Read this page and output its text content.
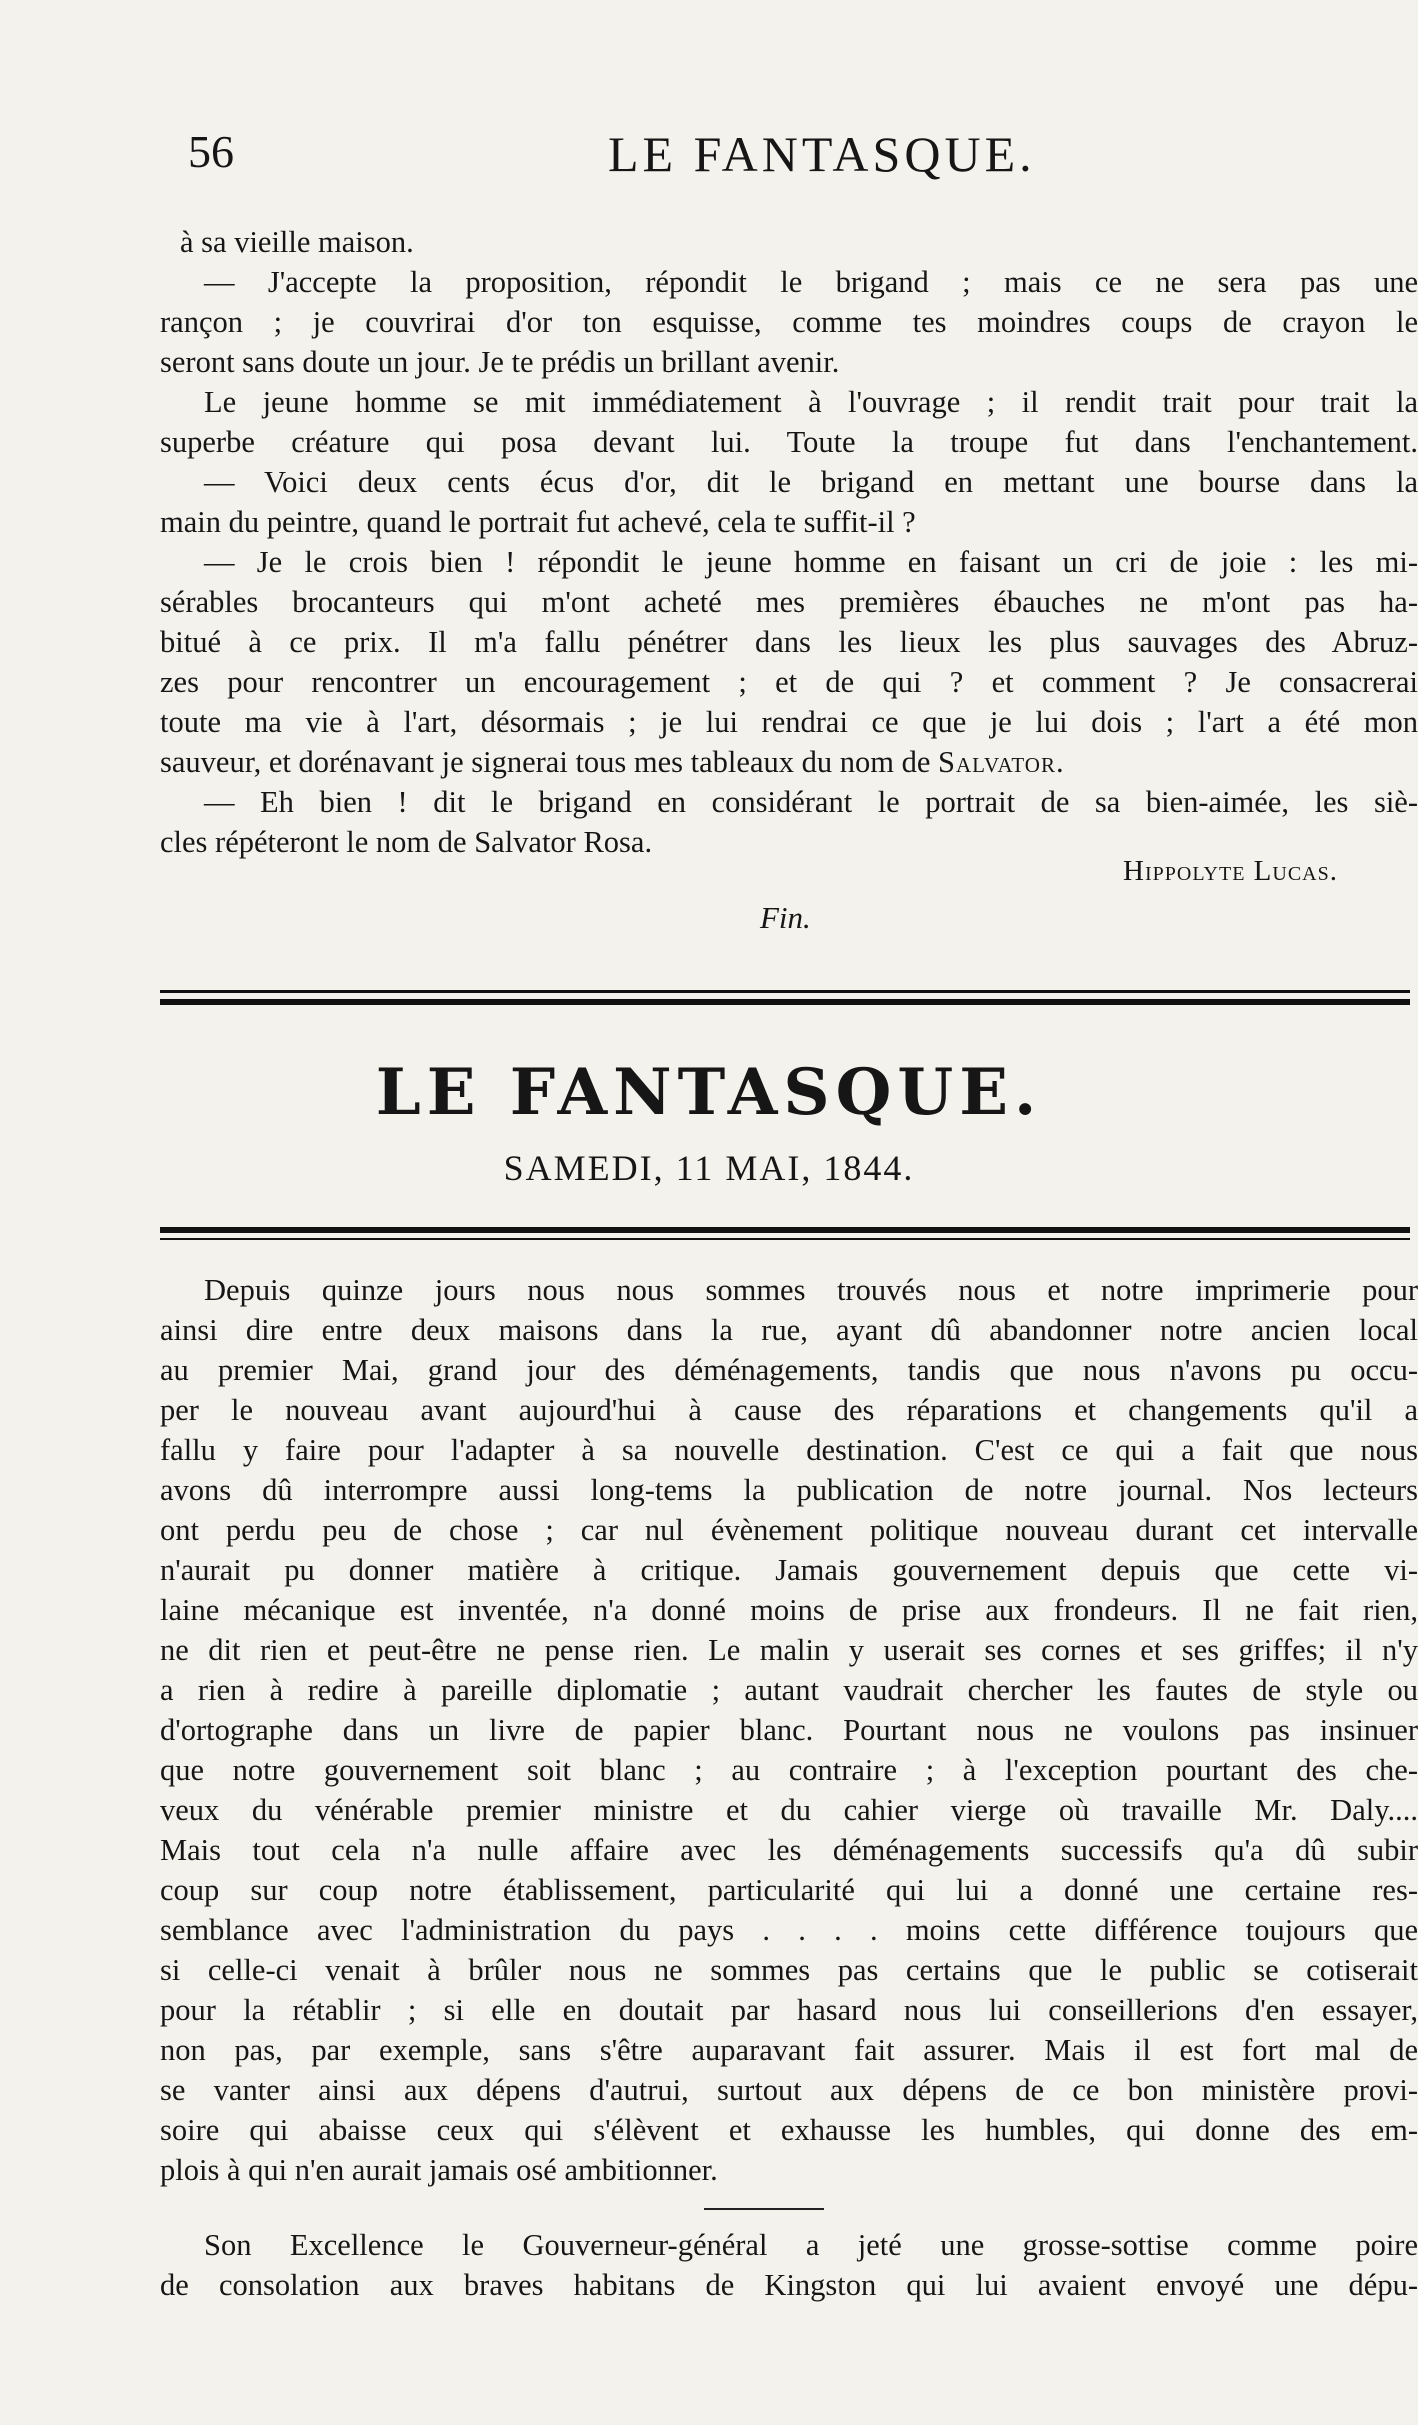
56	LE FANTASQUE.
à sa vieille maison.
— J'accepte la proposition, répondit le brigand ; mais ce ne sera pas une
rançon ; je couvrirai d'or ton esquisse, comme tes moindres coups de crayon le
seront sans doute un jour. Je te prédis un brillant avenir.
Le jeune homme se mit immédiatement à l'ouvrage ; il rendit trait pour trait la
superbe créature qui posa devant lui. Toute la troupe fut dans l'enchantement.
— Voici deux cents écus d'or, dit le brigand en mettant une bourse dans la
main du peintre, quand le portrait fut achevé, cela te suffit-il ?
— Je le crois bien ! répondit le jeune homme en faisant un cri de joie : les mi-
sérables brocanteurs qui m'ont acheté mes premières ébauches ne m'ont pas ha-
bitué à ce prix. Il m'a fallu pénétrer dans les lieux les plus sauvages des Abruz-
zes pour rencontrer un encouragement ; et de qui ? et comment ? Je consacrerai
toute ma vie à l'art, désormais ; je lui rendrai ce que je lui dois ; l'art a été mon
sauveur, et dorénavant je signerai tous mes tableaux du nom de Salvator.
— Eh bien ! dit le brigand en considérant le portrait de sa bien-aimée, les siè-
cles répéteront le nom de Salvator Rosa.
Hippolyte Lucas.
Fin.
LE FANTASQUE.
SAMEDI, 11 MAI, 1844.
Depuis quinze jours nous nous sommes trouvés nous et notre imprimerie pour
ainsi dire entre deux maisons dans la rue, ayant dû abandonner notre ancien local
au premier Mai, grand jour des déménagements, tandis que nous n'avons pu occu-
per le nouveau avant aujourd'hui à cause des réparations et changements qu'il a
fallu y faire pour l'adapter à sa nouvelle destination. C'est ce qui a fait que nous
avons dû interrompre aussi long-tems la publication de notre journal. Nos lecteurs
ont perdu peu de chose ; car nul évènement politique nouveau durant cet intervalle
n'aurait pu donner matière à critique. Jamais gouvernement depuis que cette vi-
laine mécanique est inventée, n'a donné moins de prise aux frondeurs. Il ne fait rien,
ne dit rien et peut-être ne pense rien. Le malin y userait ses cornes et ses griffes; il n'y
a rien à redire à pareille diplomatie ; autant vaudrait chercher les fautes de style ou
d'ortographe dans un livre de papier blanc. Pourtant nous ne voulons pas insinuer
que notre gouvernement soit blanc ; au contraire ; à l'exception pourtant des che-
veux du vénérable premier ministre et du cahier vierge où travaille Mr. Daly....
Mais tout cela n'a nulle affaire avec les déménagements successifs qu'a dû subir
coup sur coup notre établissement, particularité qui lui a donné une certaine res-
semblance avec l'administration du pays . . . . moins cette différence toujours que
si celle-ci venait à brûler nous ne sommes pas certains que le public se cotiserait
pour la rétablir ; si elle en doutait par hasard nous lui conseillerions d'en essayer,
non pas, par exemple, sans s'être auparavant fait assurer. Mais il est fort mal de
se vanter ainsi aux dépens d'autrui, surtout aux dépens de ce bon ministère provi-
soire qui abaisse ceux qui s'élèvent et exhausse les humbles, qui donne des em-
plois à qui n'en aurait jamais osé ambitionner.
Son Excellence le Gouverneur-général a jeté une grosse-sottise comme poire
de consolation aux braves habitans de Kingston qui lui avaient envoyé une dépu-
